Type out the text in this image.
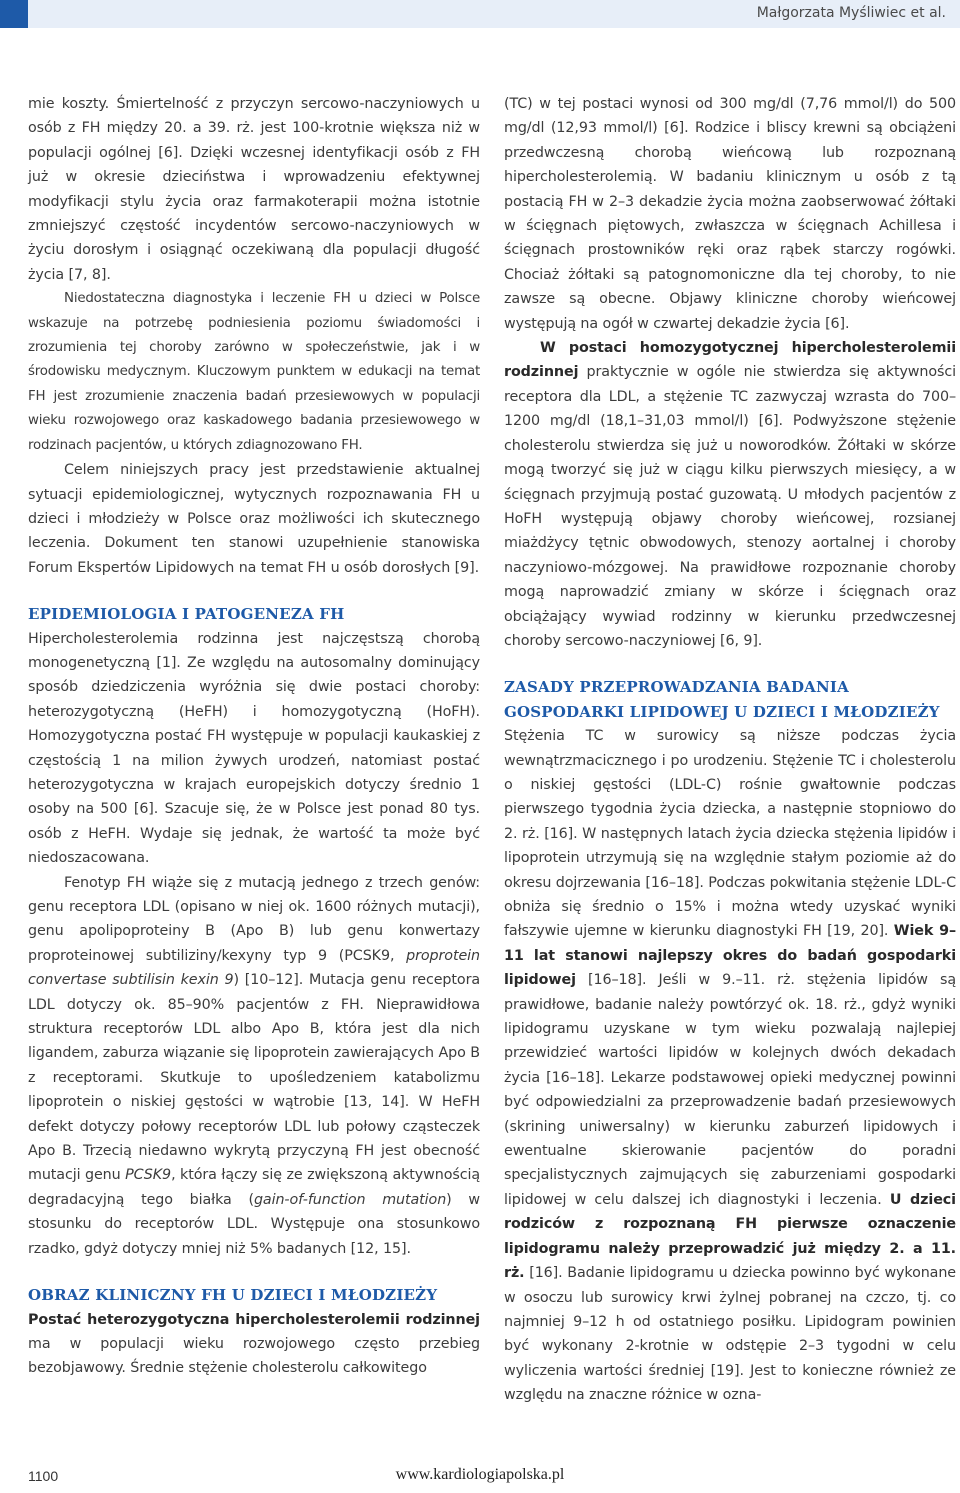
Małgorzata Myśliwiec et al.

mie koszty. Śmiertelność z przyczyn sercowo-naczyniowych u osób z FH między 20. a 39. rż. jest 100-krotnie większa niż w populacji ogólnej [6]. Dzięki wczesnej identyfikacji osób z FH już w okresie dzieciństwa i wprowadzeniu efektywnej modyfikacji stylu życia oraz farmakoterapii można istotnie zmniejszyć częstość incydentów sercowo-naczyniowych w życiu dorosłym i osiągnąć oczekiwaną dla populacji długość życia [7, 8].

Niedostateczna diagnostyka i leczenie FH u dzieci w Polsce wskazuje na potrzebę podniesienia poziomu świadomości i zrozumienia tej choroby zarówno w społeczeństwie, jak i w środowisku medycznym. Kluczowym punktem w edukacji na temat FH jest zrozumienie znaczenia badań przesiewowych w populacji wieku rozwojowego oraz kaskadowego badania przesiewowego w rodzinach pacjentów, u których zdiagnozowano FH.

Celem niniejszych pracy jest przedstawienie aktualnej sytuacji epidemiologicznej, wytycznych rozpoznawania FH u dzieci i młodzieży w Polsce oraz możliwości ich skutecznego leczenia. Dokument ten stanowi uzupełnienie stanowiska Forum Ekspertów Lipidowych na temat FH u osób dorosłych [9].

EPIDEMIOLOGIA I PATOGENEZA FH

Hipercholesterolemia rodzinna jest najczęstszą chorobą monogenetyczną [1]. Ze względu na autosomalny dominujący sposób dziedziczenia wyróżnia się dwie postaci choroby: heterozygotyczną (HeFH) i homozygotyczną (HoFH). Homozygotyczna postać FH występuje w populacji kaukaskiej z częstością 1 na milion żywych urodzeń, natomiast postać heterozygotyczna w krajach europejskich dotyczy średnio 1 osoby na 500 [6]. Szacuje się, że w Polsce jest ponad 80 tys. osób z HeFH. Wydaje się jednak, że wartość ta może być niedoszacowana.

Fenotyp FH wiąże się z mutacją jednego z trzech genów: genu receptora LDL (opisano w niej ok. 1600 różnych mutacji), genu apolipoproteiny B (Apo B) lub genu konwertazy proproteinowej subtiliziny/kexyny typ 9 (PCSK9, proprotein convertase subtilisin kexin 9) [10–12]. Mutacja genu receptora LDL dotyczy ok. 85–90% pacjentów z FH. Nieprawidłowa struktura receptorów LDL albo Apo B, która jest dla nich ligandem, zaburza wiązanie się lipoprotein zawierających Apo B z receptorami. Skutkuje to upośledzeniem katabolizmu lipoprotein o niskiej gęstości w wątrobie [13, 14]. W HeFH defekt dotyczy połowy receptorów LDL lub połowy cząsteczek Apo B. Trzecią niedawno wykrytą przyczyną FH jest obecność mutacji genu PCSK9, która łączy się ze zwiększoną aktywnością degradacyjną tego białka (gain-of-function mutation) w stosunku do receptorów LDL. Występuje ona stosunkowo rzadko, gdyż dotyczy mniej niż 5% badanych [12, 15].

OBRAZ KLINICZNY FH U DZIECI I MŁODZIEŻY

Postać heterozygotyczna hipercholesterolemii rodzinnej ma w populacji wieku rozwojowego często przebieg bezobjawowy. Średnie stężenie cholesterolu całkowitego

(TC) w tej postaci wynosi od 300 mg/dl (7,76 mmol/l) do 500 mg/dl (12,93 mmol/l) [6]. Rodzice i bliscy krewni są obciążeni przedwczesną chorobą wieńcową lub rozpoznaną hipercholesterolemią. W badaniu klinicznym u osób z tą postacią FH w 2–3 dekadzie życia można zaobserwować żółtaki w ścięgnach piętowych, zwłaszcza w ścięgnach Achillesa i ścięgnach prostowników ręki oraz rąbek starczy rogówki. Chociaż żółtaki są patognomoniczne dla tej choroby, to nie zawsze są obecne. Objawy kliniczne choroby wieńcowej występują na ogół w czwartej dekadzie życia [6].

W postaci homozygotycznej hipercholesterolemii rodzinnej praktycznie w ogóle nie stwierdza się aktywności receptora dla LDL, a stężenie TC zazwyczaj wzrasta do 700–1200 mg/dl (18,1–31,03 mmol/l) [6]. Podwyższone stężenie cholesterolu stwierdza się już u noworodków. Żółtaki w skórze mogą tworzyć się już w ciągu kilku pierwszych miesięcy, a w ścięgnach przyjmują postać guzowatą. U młodych pacjentów z HoFH występują objawy choroby wieńcowej, rozsianej miażdżycy tętnic obwodowych, stenozy aortalnej i choroby naczyniowo-mózgowej. Na prawidłowe rozpoznanie choroby mogą naprowadzić zmiany w skórze i ścięgnach oraz obciążający wywiad rodzinny w kierunku przedwczesnej choroby sercowo-naczyniowej [6, 9].

ZASADY PRZEPROWADZANIA BADANIA
GOSPODARKI LIPIDOWEJ U DZIECI I MŁODZIEŻY

Stężenia TC w surowicy są niższe podczas życia wewnątrzmacicznego i po urodzeniu. Stężenie TC i cholesterolu o niskiej gęstości (LDL-C) rośnie gwałtownie podczas pierwszego tygodnia życia dziecka, a następnie stopniowo do 2. rż. [16]. W następnych latach życia dziecka stężenia lipidów i lipoprotein utrzymują się na względnie stałym poziomie aż do okresu dojrzewania [16–18]. Podczas pokwitania stężenie LDL-C obniża się średnio o 15% i można wtedy uzyskać wyniki fałszywie ujemne w kierunku diagnostyki FH [19, 20]. Wiek 9–11 lat stanowi najlepszy okres do badań gospodarki lipidowej [16–18]. Jeśli w 9.–11. rż. stężenia lipidów są prawidłowe, badanie należy powtórzyć ok. 18. rż., gdyż wyniki lipidogramu uzyskane w tym wieku pozwalają najlepiej przewidzieć wartości lipidów w kolejnych dwóch dekadach życia [16–18]. Lekarze podstawowej opieki medycznej powinni być odpowiedzialni za przeprowadzenie badań przesiewowych (skrining uniwersalny) w kierunku zaburzeń lipidowych i ewentualne skierowanie pacjentów do poradni specjalistycznych zajmujących się zaburzeniami gospodarki lipidowej w celu dalszej ich diagnostyki i leczenia. U dzieci rodziców z rozpoznaną FH pierwsze oznaczenie lipidogramu należy przeprowadzić już między 2. a 11. rż. [16]. Badanie lipidogramu u dziecka powinno być wykonane w osoczu lub surowicy krwi żylnej pobranej na czczo, tj. co najmniej 9–12 h od ostatniego posiłku. Lipidogram powinien być wykonany 2-krotnie w odstępie 2–3 tygodni w celu wyliczenia wartości średniej [19]. Jest to konieczne również ze względu na znaczne różnice w ozna-

1100	www.kardiologiapolska.pl
